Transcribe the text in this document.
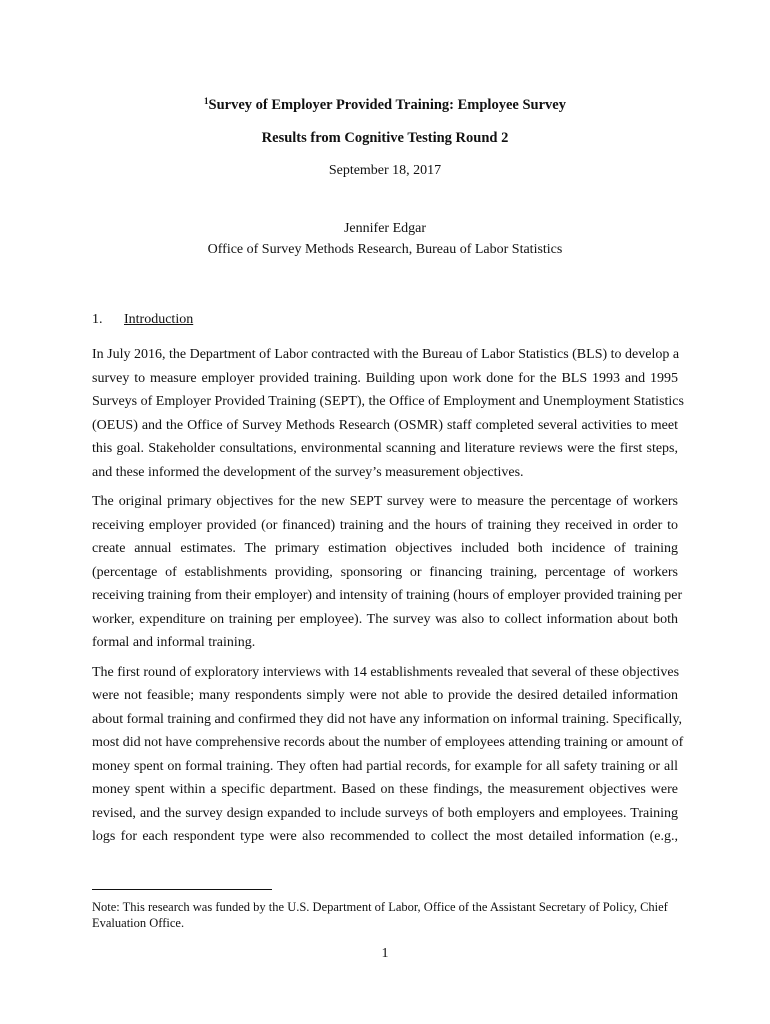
$^1$Survey of Employer Provided Training: Employee Survey

Results from Cognitive Testing Round 2

September 18, 2017
Jennifer Edgar
Office of Survey Methods Research, Bureau of Labor Statistics
1. Introduction
In July 2016, the Department of Labor contracted with the Bureau of Labor Statistics (BLS) to develop a
survey to measure employer provided training. Building upon work done for the BLS 1993 and 1995
Surveys of Employer Provided Training (SEPT), the Office of Employment and Unemployment Statistics
(OEUS) and the Office of Survey Methods Research (OSMR) staff completed several activities to meet
this goal. Stakeholder consultations, environmental scanning and literature reviews were the first steps,
and these informed the development of the survey’s measurement objectives.
The original primary objectives for the new SEPT survey were to measure the percentage of workers
receiving employer provided (or financed) training and the hours of training they received in order to
create annual estimates. The primary estimation objectives included both incidence of training
(percentage of establishments providing, sponsoring or financing training, percentage of workers
receiving training from their employer) and intensity of training (hours of employer provided training per
worker, expenditure on training per employee). The survey was also to collect information about both
formal and informal training.
The first round of exploratory interviews with 14 establishments revealed that several of these objectives
were not feasible; many respondents simply were not able to provide the desired detailed information
about formal training and confirmed they did not have any information on informal training. Specifically,
most did not have comprehensive records about the number of employees attending training or amount of
money spent on formal training. They often had partial records, for example for all safety training or all
money spent within a specific department. Based on these findings, the measurement objectives were
revised, and the survey design expanded to include surveys of both employers and employees. Training
logs for each respondent type were also recommended to collect the most detailed information (e.g.,
Note: This research was funded by the U.S. Department of Labor, Office of the Assistant Secretary of Policy, Chief
Evaluation Office.
1
